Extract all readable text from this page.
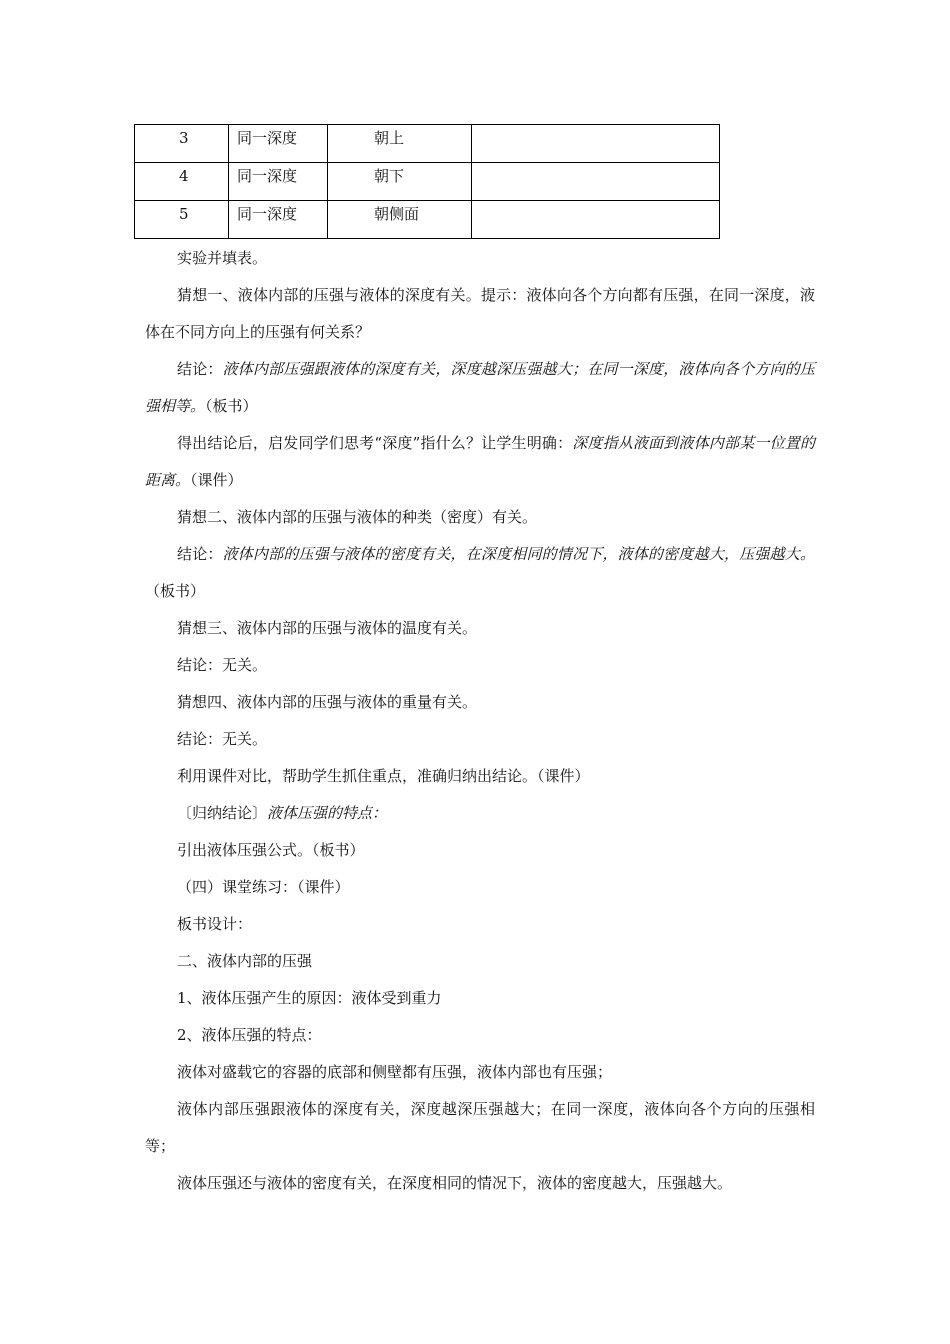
3	同一深度	朝上	
4	同一深度	朝下	
5	同一深度	朝侧面	

实验并填表。

猜想一、液体内部的压强与液体的深度有关。提示：液体向各个方向都有压强，在同一深度，液体在不同方向上的压强有何关系？

结论：液体内部压强跟液体的深度有关，深度越深压强越大；在同一深度，液体向各个方向的压强相等。（板书）

得出结论后，启发同学们思考“深度”指什么？让学生明确：深度指从液面到液体内部某一位置的距离。（课件）

猜想二、液体内部的压强与液体的种类（密度）有关。

结论：液体内部的压强与液体的密度有关，在深度相同的情况下，液体的密度越大，压强越大。（板书）

猜想三、液体内部的压强与液体的温度有关。

结论：无关。

猜想四、液体内部的压强与液体的重量有关。

结论：无关。

利用课件对比，帮助学生抓住重点，准确归纳出结论。（课件）

〔归纳结论〕液体压强的特点：

引出液体压强公式。（板书）

（四）课堂练习：（课件）

板书设计：

二、液体内部的压强

1、液体压强产生的原因：液体受到重力

2、液体压强的特点：

液体对盛载它的容器的底部和侧壁都有压强，液体内部也有压强；

液体内部压强跟液体的深度有关，深度越深压强越大；在同一深度，液体向各个方向的压强相等；

液体压强还与液体的密度有关，在深度相同的情况下，液体的密度越大，压强越大。
